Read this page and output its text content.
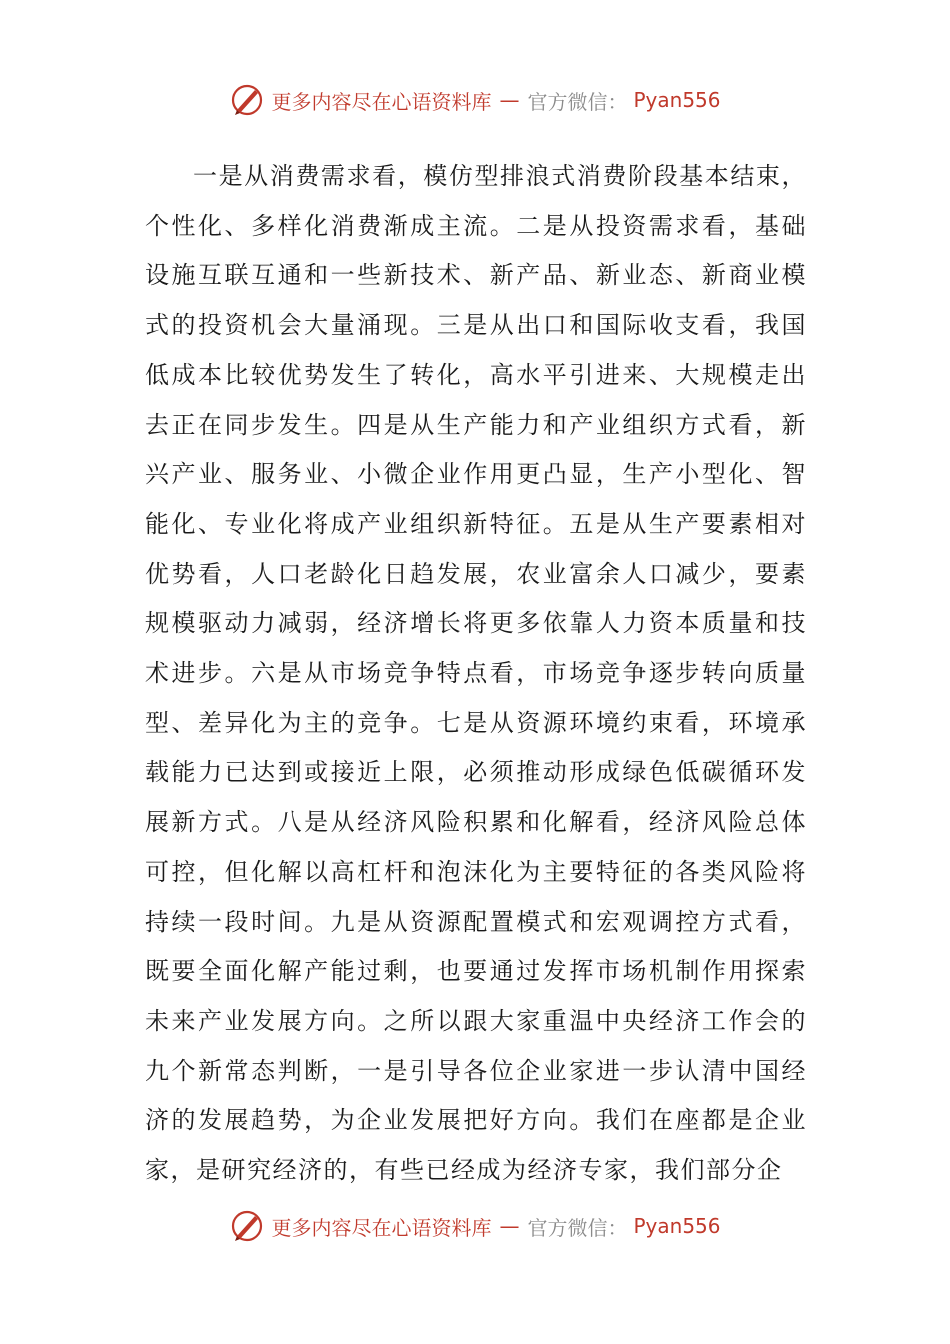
更多内容尽在心语资料库 — 官方微信： Pyan556

一是从消费需求看，模仿型排浪式消费阶段基本结束，个性化、多样化消费渐成主流。二是从投资需求看，基础设施互联互通和一些新技术、新产品、新业态、新商业模式的投资机会大量涌现。三是从出口和国际收支看，我国低成本比较优势发生了转化，高水平引进来、大规模走出去正在同步发生。四是从生产能力和产业组织方式看，新兴产业、服务业、小微企业作用更凸显，生产小型化、智能化、专业化将成产业组织新特征。五是从生产要素相对优势看，人口老龄化日趋发展，农业富余人口减少，要素规模驱动力减弱，经济增长将更多依靠人力资本质量和技术进步。六是从市场竞争特点看，市场竞争逐步转向质量型、差异化为主的竞争。七是从资源环境约束看，环境承载能力已达到或接近上限，必须推动形成绿色低碳循环发展新方式。八是从经济风险积累和化解看，经济风险总体可控，但化解以高杠杆和泡沫化为主要特征的各类风险将持续一段时间。九是从资源配置模式和宏观调控方式看，既要全面化解产能过剩，也要通过发挥市场机制作用探索未来产业发展方向。之所以跟大家重温中央经济工作会的九个新常态判断，一是引导各位企业家进一步认清中国经济的发展趋势，为企业发展把好方向。我们在座都是企业家，是研究经济的，有些已经成为经济专家，我们部分企

更多内容尽在心语资料库 — 官方微信： Pyan556
